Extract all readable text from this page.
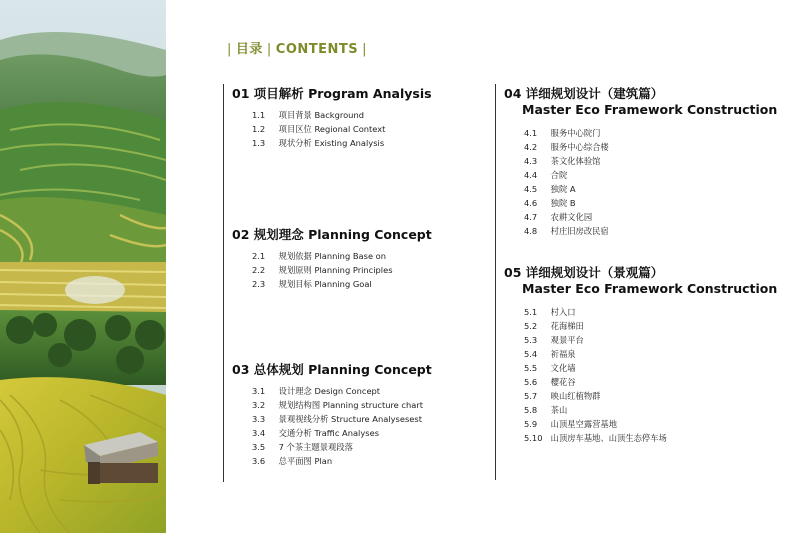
| 目录 | CONTENTS |
01 项目解析 Program Analysis
1.1 项目背景 Background
1.2 项目区位 Regional Context
1.3 现状分析 Existing Analysis
02 规划理念 Planning Concept
2.1 规划依据 Planning Base on
2.2 规划原则 Planning Principles
2.3 规划目标 Planning Goal
03 总体规划 Planning Concept
3.1 设计理念 Design Concept
3.2 规划结构图 Planning structure chart
3.3 景观视线分析 Structure Analysesest
3.4 交通分析 Traffic Analyses
3.5 7 个茶主题景观段落
3.6 总平面图 Plan
04 详细规划设计（建筑篇）
Master Eco Framework Construction
4.1 服务中心院门
4.2 服务中心综合楼
4.3 茶文化体验馆
4.4 合院
4.5 独院 A
4.6 独院 B
4.7 农耕文化园
4.8 村庄旧房改民宿
05 详细规划设计（景观篇）
Master Eco Framework Construction
5.1 村入口
5.2 花海梯田
5.3 观景平台
5.4 祈福泉
5.5 文化墙
5.6 樱花谷
5.7 映山红植物群
5.8 茶山
5.9 山顶星空露营基地
5.10 山顶房车基地、山顶生态停车场
